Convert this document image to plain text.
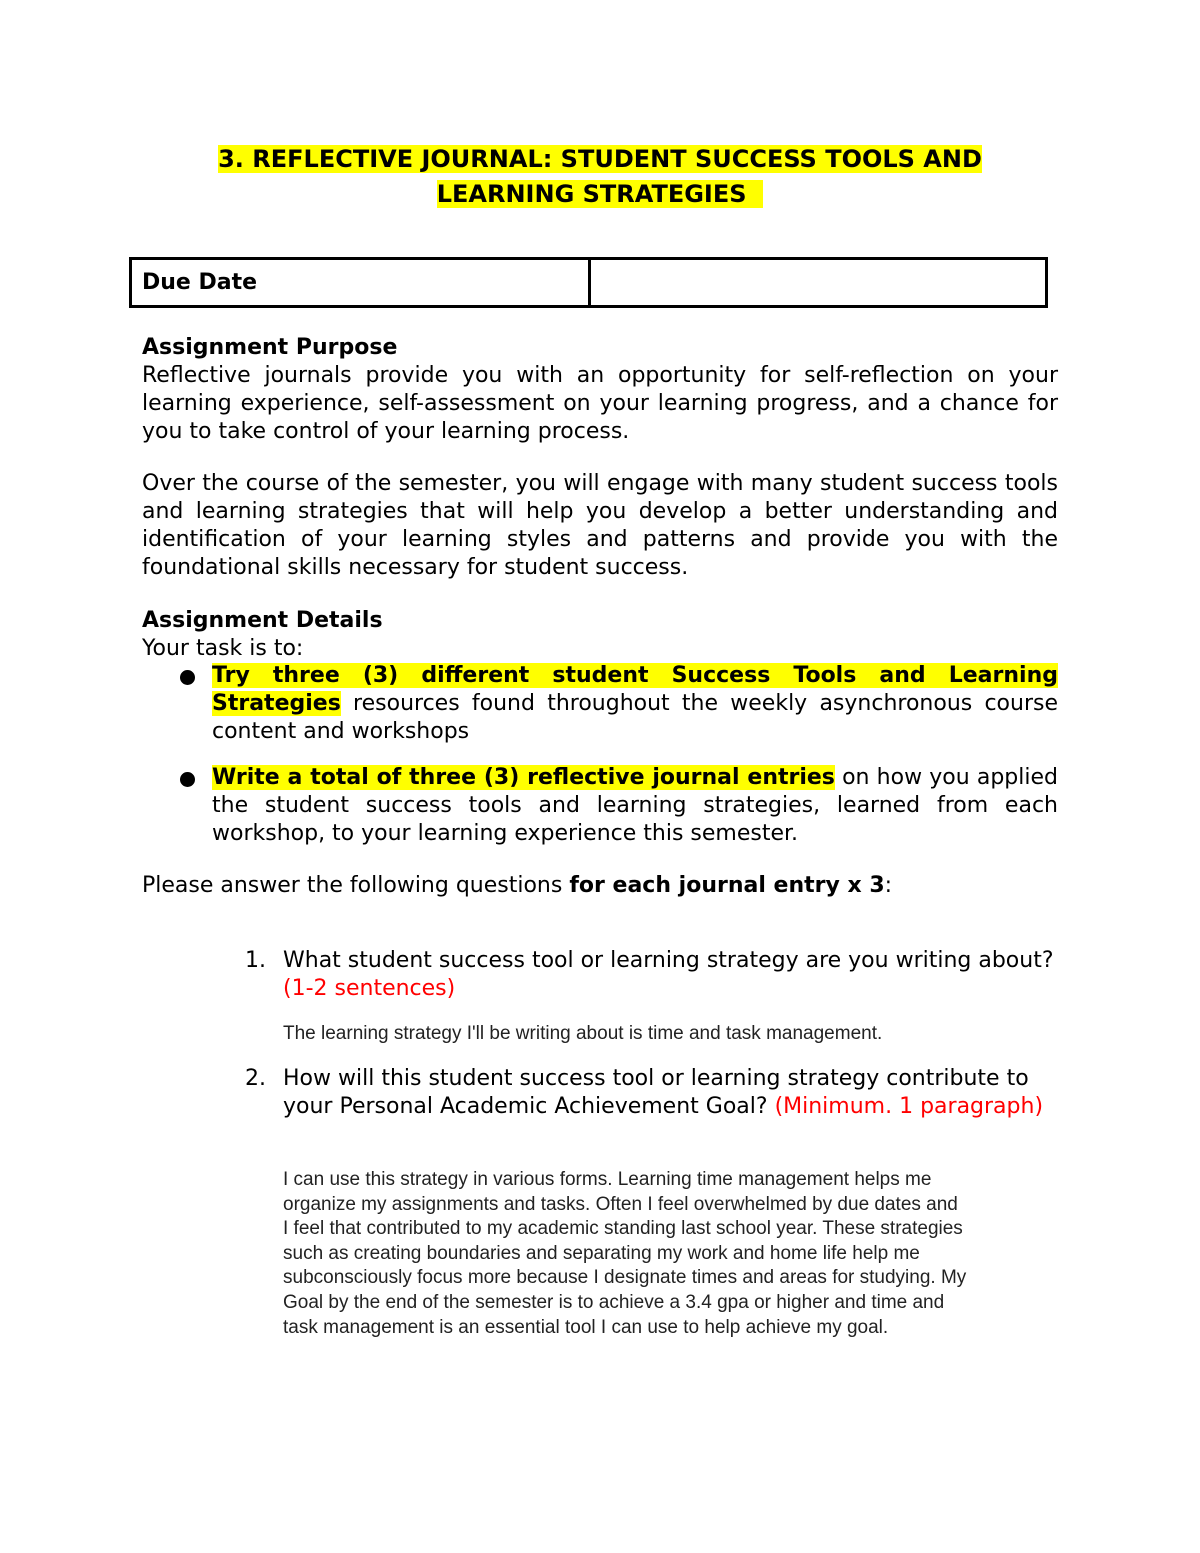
3. REFLECTIVE JOURNAL: STUDENT SUCCESS TOOLS AND
LEARNING STRATEGIES
Due Date	
Assignment Purpose
Reflective journals provide you with an opportunity for self-reflection on your learning experience, self-assessment on your learning progress, and a chance for you to take control of your learning process.
Over the course of the semester, you will engage with many student success tools and learning strategies that will help you develop a better understanding and identification of your learning styles and patterns and provide you with the foundational skills necessary for student success.
Assignment Details
Your task is to:
Try three (3) different student Success Tools and Learning Strategies resources found throughout the weekly asynchronous course content and workshops
Write a total of three (3) reflective journal entries on how you applied the student success tools and learning strategies, learned from each workshop, to your learning experience this semester.
Please answer the following questions for each journal entry x 3:
1. What student success tool or learning strategy are you writing about? (1-2 sentences)
The learning strategy I'll be writing about is time and task management.
2. How will this student success tool or learning strategy contribute to your Personal Academic Achievement Goal? (Minimum. 1 paragraph)
I can use this strategy in various forms. Learning time management helps me
organize my assignments and tasks. Often I feel overwhelmed by due dates and
I feel that contributed to my academic standing last school year. These strategies
such as creating boundaries and separating my work and home life help me
subconsciously focus more because I designate times and areas for studying. My
Goal by the end of the semester is to achieve a 3.4 gpa or higher and time and
task management is an essential tool I can use to help achieve my goal.
